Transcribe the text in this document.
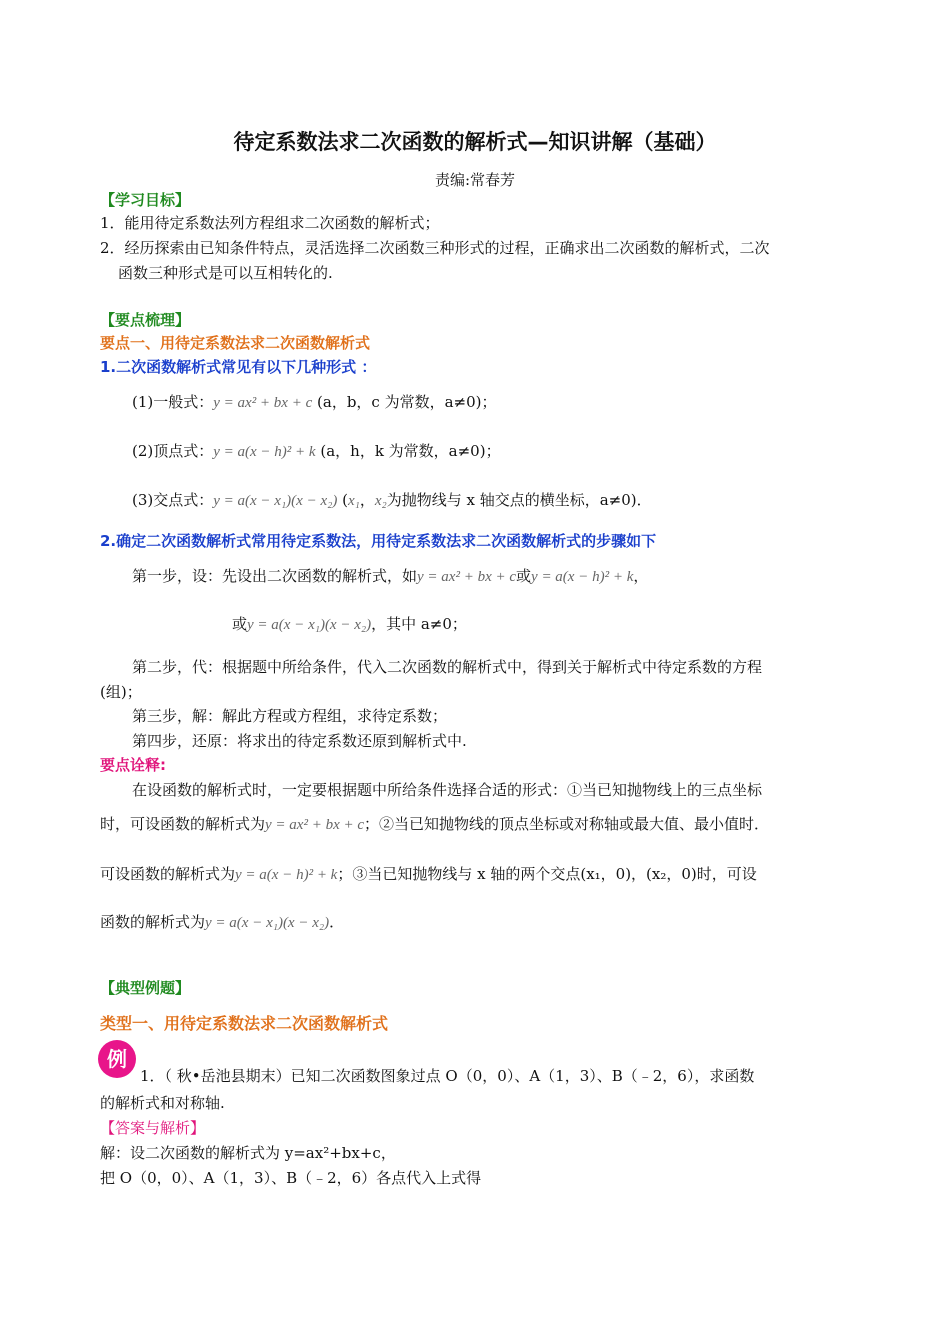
待定系数法求二次函数的解析式—知识讲解（基础）
责编:常春芳
【学习目标】
1．能用待定系数法列方程组求二次函数的解析式；
2．经历探索由已知条件特点，灵活选择二次函数三种形式的过程，正确求出二次函数的解析式，二次
函数三种形式是可以互相转化的.
【要点梳理】
要点一、用待定系数法求二次函数解析式
1.二次函数解析式常见有以下几种形式 ：
(1)一般式：y = ax² + bx + c (a，b，c 为常数，a≠0)；
(2)顶点式：y = a(x − h)² + k (a，h，k 为常数，a≠0)；
(3)交点式：y = a(x − x₁)(x − x₂) (x₁，x₂为抛物线与 x 轴交点的横坐标，a≠0)．
2.确定二次函数解析式常用待定系数法，用待定系数法求二次函数解析式的步骤如下
第一步，设：先设出二次函数的解析式，如y = ax² + bx + c或y = a(x − h)² + k，
或y = a(x − x₁)(x − x₂)，其中 a≠0；
第二步，代：根据题中所给条件，代入二次函数的解析式中，得到关于解析式中待定系数的方程
(组)；
第三步，解：解此方程或方程组，求待定系数；
第四步，还原：将求出的待定系数还原到解析式中.
要点诠释:
在设函数的解析式时，一定要根据题中所给条件选择合适的形式：①当已知抛物线上的三点坐标
时，可设函数的解析式为y = ax² + bx + c；②当已知抛物线的顶点坐标或对称轴或最大值、最小值时．
可设函数的解析式为y = a(x − h)² + k；③当已知抛物线与 x 轴的两个交点(x₁，0)，(x₂，0)时，可设
函数的解析式为y = a(x − x₁)(x − x₂)．
【典型例题】
类型一、用待定系数法求二次函数解析式
例
1．（ 秋•岳池县期末）已知二次函数图象过点 O（0，0）、A（1，3）、B（﹣2，6），求函数
的解析式和对称轴.
【答案与解析】
解：设二次函数的解析式为 y=ax²+bx+c，
把 O（0，0）、A（1，3）、B（﹣2，6）各点代入上式得
